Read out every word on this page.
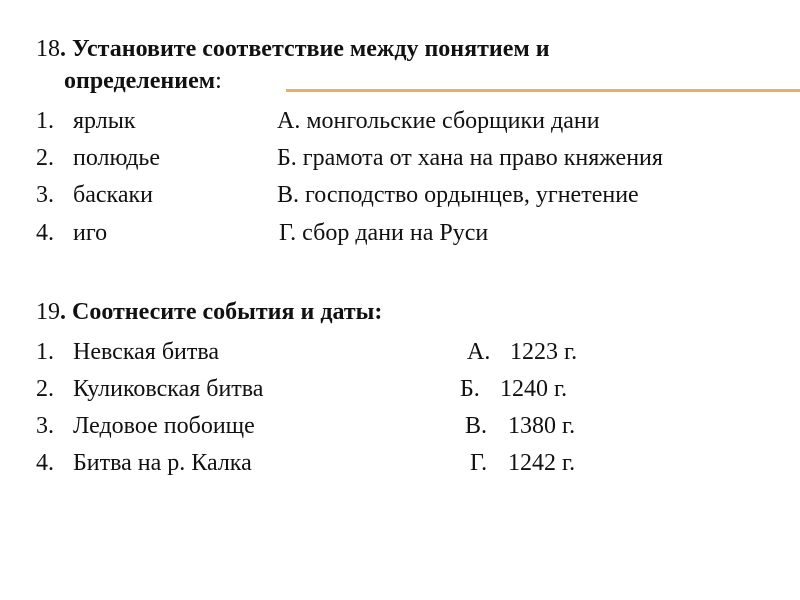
18. Установите соответствие между понятием и
определением:
1. ярлык	А. монгольские сборщики дани
2. полюдье	Б. грамота от хана на право княжения
3. баскаки	В. господство ордынцев, угнетение
4. иго	Г. сбор дани на Руси
19. Соотнесите события и даты:
1. Невская битва	А. 1223 г.
2. Куликовская битва	Б. 1240 г.
3. Ледовое побоище	В. 1380 г.
4. Битва на р. Калка	Г. 1242 г.
